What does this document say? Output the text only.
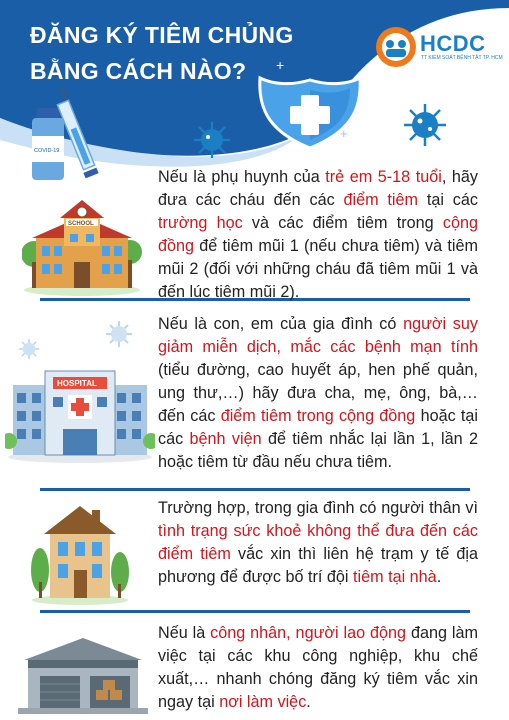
+
+
COVID-19
ĐĂNG KÝ TIÊM CHỦNG
BẰNG CÁCH NÀO?
HCDC
TT KIỂM SOÁT BỆNH TẬT TP. HCM
SCHOOL
HOSPITAL

Nếu là phụ huynh của trẻ em 5-18 tuổi, hãy đưa các cháu đến các điểm tiêm tại các trường học và các điểm tiêm trong cộng đồng để tiêm mũi 1 (nếu chưa tiêm) và tiêm mũi 2 (đối với những cháu đã tiêm mũi 1 và đến lúc tiêm mũi 2).

Nếu là con, em của gia đình có người suy giảm miễn dịch, mắc các bệnh mạn tính (tiểu đường, cao huyết áp, hen phế quản, ung thư,…) hãy đưa cha, mẹ, ông, bà,… đến các điểm tiêm trong cộng đồng hoặc tại các bệnh viện để tiêm nhắc lại lần 1, lần 2 hoặc tiêm từ đầu nếu chưa tiêm.

Trường hợp, trong gia đình có người thân vì tình trạng sức khoẻ không thể đưa đến các điểm tiêm vắc xin thì liên hệ trạm y tế địa phương để được bố trí đội tiêm tại nhà.

Nếu là công nhân, người lao động đang làm việc tại các khu công nghiệp, khu chế xuất,… nhanh chóng đăng ký tiêm vắc xin ngay tại nơi làm việc.
